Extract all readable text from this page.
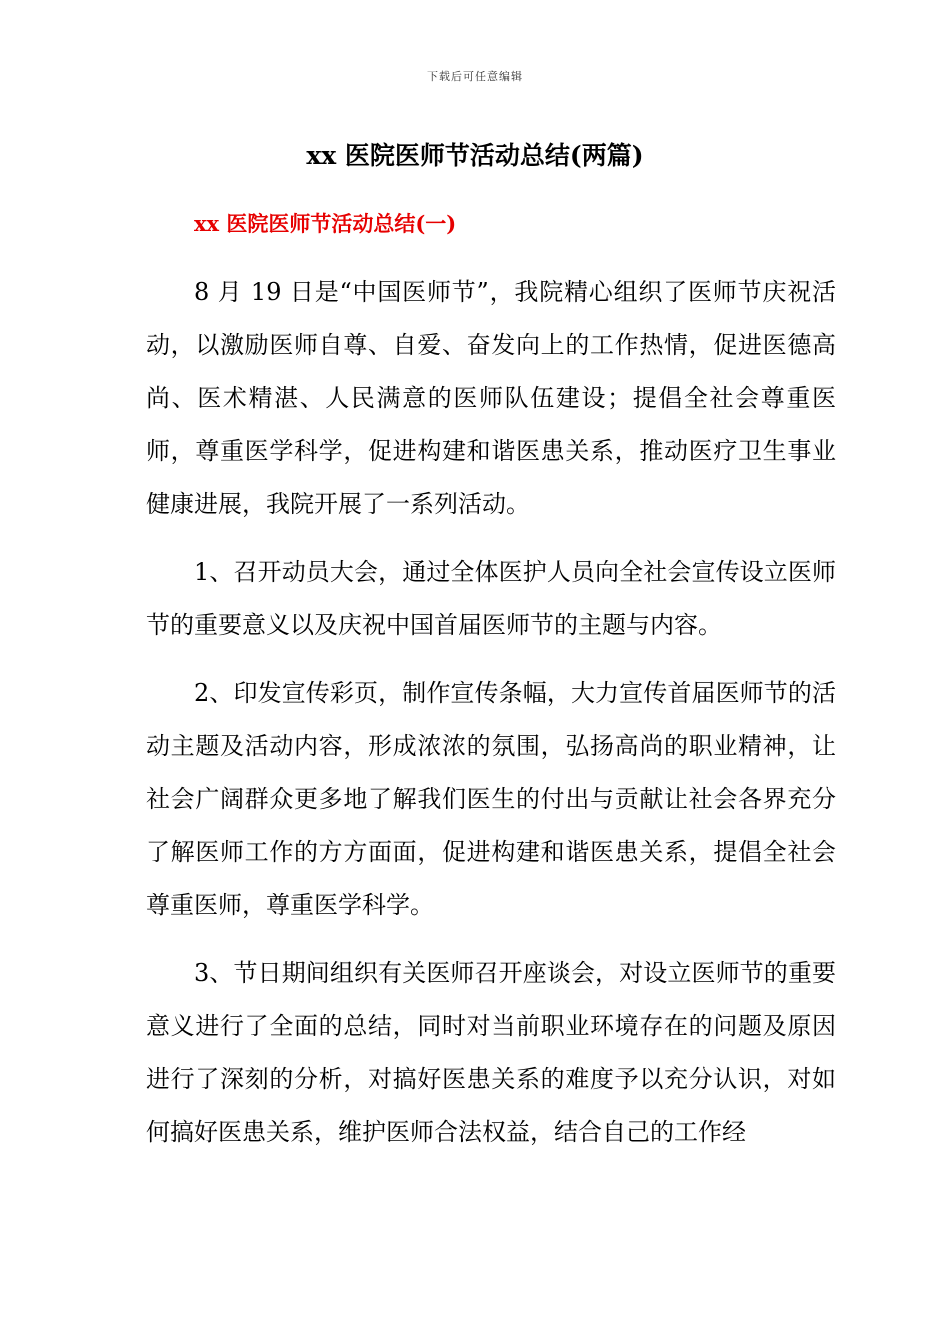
下载后可任意编辑
xx 医院医师节活动总结(两篇)
xx 医院医师节活动总结(一)

8 月 19 日是“中国医师节”，我院精心组织了医师节庆祝活动，以激励医师自尊、自爱、奋发向上的工作热情，促进医德高尚、医术精湛、人民满意的医师队伍建设；提倡全社会尊重医师，尊重医学科学，促进构建和谐医患关系，推动医疗卫生事业健康进展，我院开展了一系列活动。

1、召开动员大会，通过全体医护人员向全社会宣传设立医师节的重要意义以及庆祝中国首届医师节的主题与内容。

2、印发宣传彩页，制作宣传条幅，大力宣传首届医师节的活动主题及活动内容，形成浓浓的氛围，弘扬高尚的职业精神，让社会广阔群众更多地了解我们医生的付出与贡献让社会各界充分了解医师工作的方方面面，促进构建和谐医患关系，提倡全社会尊重医师，尊重医学科学。

3、节日期间组织有关医师召开座谈会，对设立医师节的重要意义进行了全面的总结，同时对当前职业环境存在的问题及原因进行了深刻的分析，对搞好医患关系的难度予以充分认识，对如何搞好医患关系，维护医师合法权益，结合自己的工作经
